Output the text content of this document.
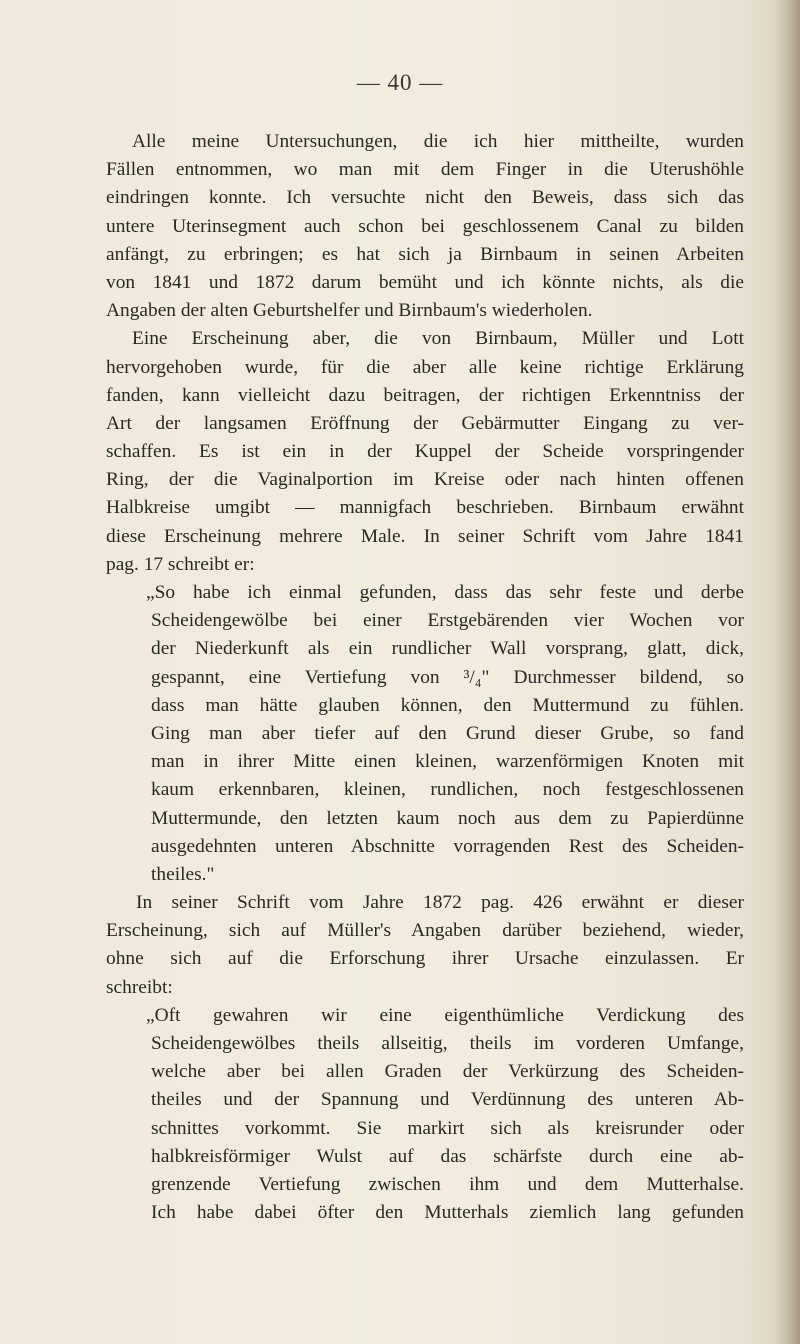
— 40 —
Alle meine Untersuchungen, die ich hier mittheilte, wurden
Fällen entnommen, wo man mit dem Finger in die Uterushöhle
eindringen konnte. Ich versuchte nicht den Beweis, dass sich das
untere Uterinsegment auch schon bei geschlossenem Canal zu bilden
anfängt, zu erbringen; es hat sich ja Birnbaum in seinen Arbeiten
von 1841 und 1872 darum bemüht und ich könnte nichts, als die
Angaben der alten Geburtshelfer und Birnbaum's wiederholen.
Eine Erscheinung aber, die von Birnbaum, Müller und Lott
hervorgehoben wurde, für die aber alle keine richtige Erklärung
fanden, kann vielleicht dazu beitragen, der richtigen Erkenntniss der
Art der langsamen Eröffnung der Gebärmutter Eingang zu ver-
schaffen. Es ist ein in der Kuppel der Scheide vorspringender
Ring, der die Vaginalportion im Kreise oder nach hinten offenen
Halbkreise umgibt — mannigfach beschrieben. Birnbaum erwähnt
diese Erscheinung mehrere Male. In seiner Schrift vom Jahre 1841
pag. 17 schreibt er:
„So habe ich einmal gefunden, dass das sehr feste und derbe
Scheidengewölbe bei einer Erstgebärenden vier Wochen vor
der Niederkunft als ein rundlicher Wall vorsprang, glatt, dick,
gespannt, eine Vertiefung von ³/₄" Durchmesser bildend, so
dass man hätte glauben können, den Muttermund zu fühlen.
Ging man aber tiefer auf den Grund dieser Grube, so fand
man in ihrer Mitte einen kleinen, warzenförmigen Knoten mit
kaum erkennbaren, kleinen, rundlichen, noch festgeschlossenen
Muttermunde, den letzten kaum noch aus dem zu Papierdünne
ausgedehnten unteren Abschnitte vorragenden Rest des Scheiden-
theiles."
In seiner Schrift vom Jahre 1872 pag. 426 erwähnt er dieser
Erscheinung, sich auf Müller's Angaben darüber beziehend, wieder,
ohne sich auf die Erforschung ihrer Ursache einzulassen. Er
schreibt:
„Oft gewahren wir eine eigenthümliche Verdickung des
Scheidengewölbes theils allseitig, theils im vorderen Umfange,
welche aber bei allen Graden der Verkürzung des Scheiden-
theiles und der Spannung und Verdünnung des unteren Ab-
schnittes vorkommt. Sie markirt sich als kreisrunder oder
halbkreisförmiger Wulst auf das schärfste durch eine ab-
grenzende Vertiefung zwischen ihm und dem Mutterhalse.
Ich habe dabei öfter den Mutterhals ziemlich lang gefunden
